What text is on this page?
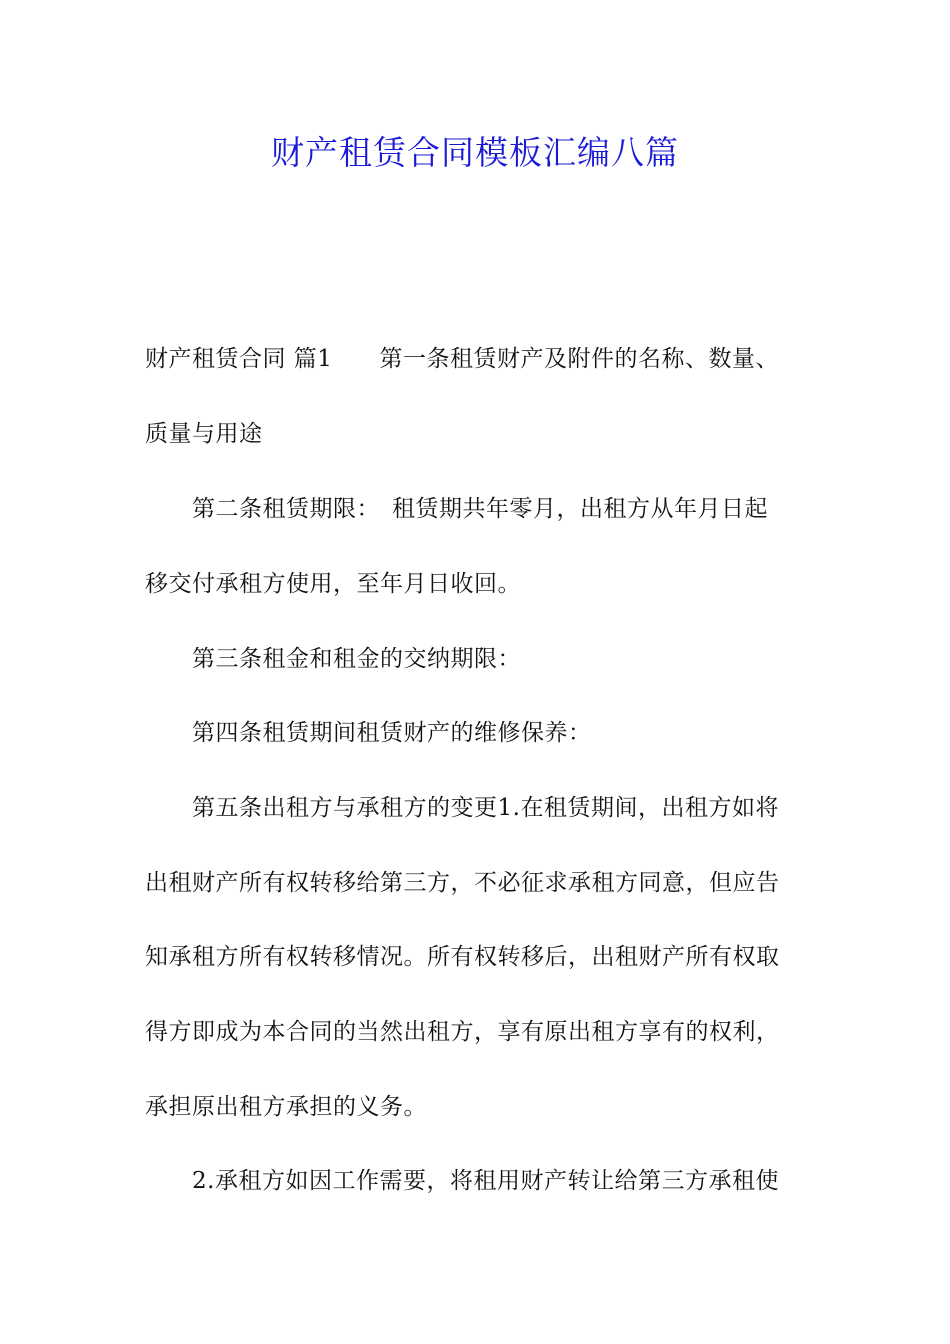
财产租赁合同模板汇编八篇
财产租赁合同 篇1　　第一条租赁财产及附件的名称、数量、
质量与用途
第二条租赁期限：　租赁期共年零月，出租方从年月日起
移交付承租方使用，至年月日收回。
第三条租金和租金的交纳期限：
第四条租赁期间租赁财产的维修保养：
第五条出租方与承租方的变更1.在租赁期间，出租方如将
出租财产所有权转移给第三方，不必征求承租方同意，但应告
知承租方所有权转移情况。所有权转移后，出租财产所有权取
得方即成为本合同的当然出租方，享有原出租方享有的权利，
承担原出租方承担的义务。
2.承租方如因工作需要，将租用财产转让给第三方承租使
